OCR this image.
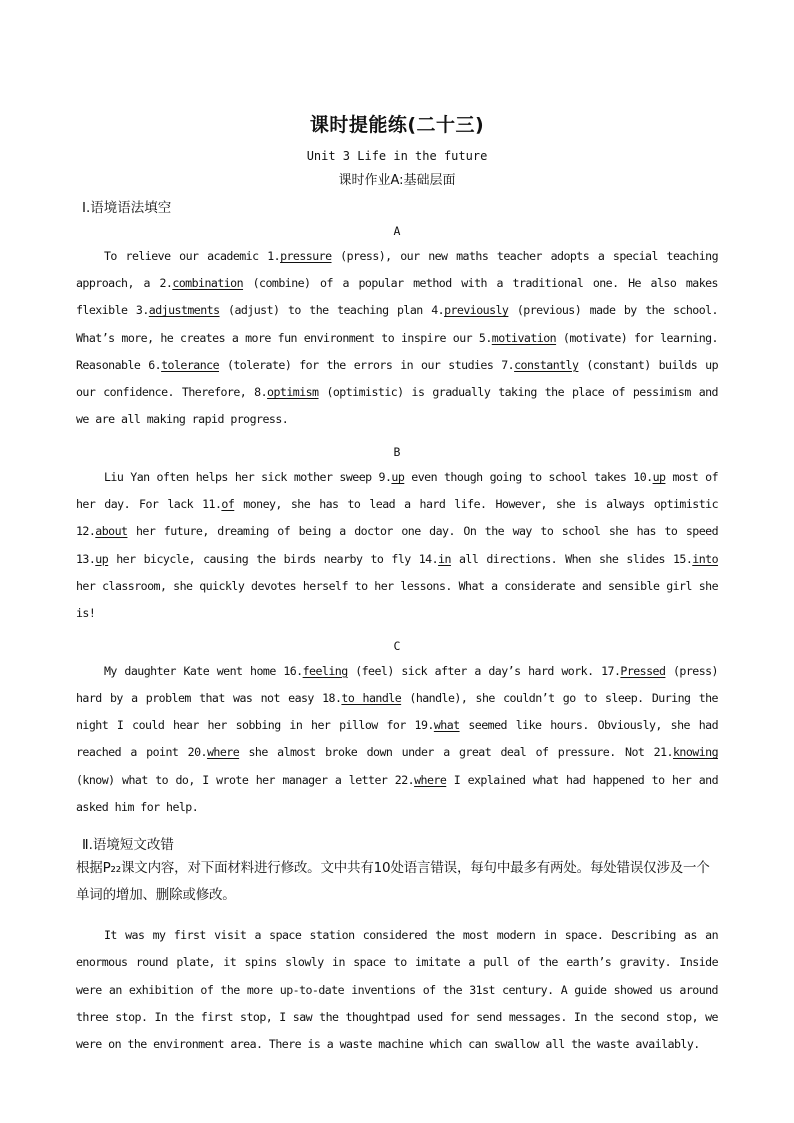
课时提能练(二十三)
Unit 3 Life in the future
课时作业A:基础层面
Ⅰ.语境语法填空
A

To relieve our academic 1.pressure (press), our new maths teacher adopts a special teaching approach, a 2.combination (combine) of a popular method with a traditional one. He also makes flexible 3.adjustments (adjust) to the teaching plan 4.previously (previous) made by the school. What’s more, he creates a more fun environment to inspire our 5.motivation (motivate) for learning. Reasonable 6.tolerance (tolerate) for the errors in our studies 7.constantly (constant) builds up our confidence. Therefore, 8.optimism (optimistic) is gradually taking the place of pessimism and we are all making rapid progress.

B

Liu Yan often helps her sick mother sweep 9.up even though going to school takes 10.up most of her day. For lack 11.of money, she has to lead a hard life. However, she is always optimistic 12.about her future, dreaming of being a doctor one day. On the way to school she has to speed 13.up her bicycle, causing the birds nearby to fly 14.in all directions. When she slides 15.into her classroom, she quickly devotes herself to her lessons. What a considerate and sensible girl she is!

C

My daughter Kate went home 16.feeling (feel) sick after a day’s hard work. 17.Pressed (press) hard by a problem that was not easy 18.to handle (handle), she couldn’t go to sleep. During the night I could hear her sobbing in her pillow for 19.what seemed like hours. Obviously, she had reached a point 20.where she almost broke down under a great deal of pressure. Not 21.knowing (know) what to do, I wrote her manager a letter 22.where I explained what had happened to her and asked him for help.

Ⅱ.语境短文改错

根据P₂₂课文内容，对下面材料进行修改。文中共有10处语言错误，每句中最多有两处。每处错误仅涉及一个单词的增加、删除或修改。

It was my first visit a space station considered the most modern in space. Describing as an enormous round plate, it spins slowly in space to imitate a pull of the earth’s gravity. Inside were an exhibition of the more up-to-date inventions of the 31st century. A guide showed us around three stop. In the first stop, I saw the thoughtpad used for send messages. In the second stop, we were on the environment area. There is a waste machine which can swallow all the waste availably.
